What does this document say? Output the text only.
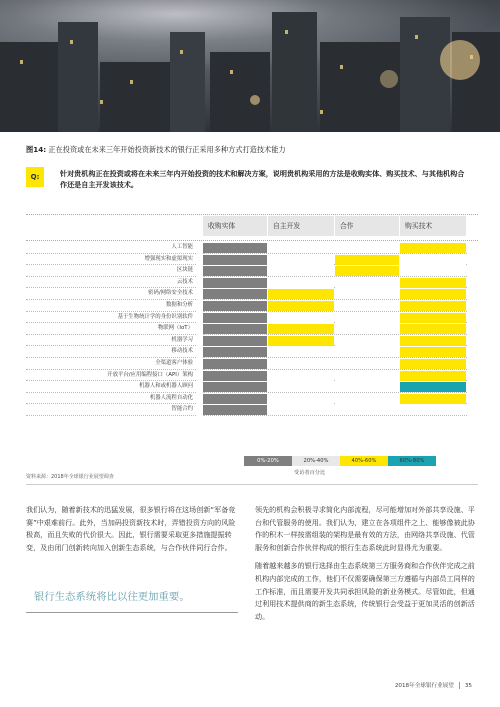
图14: 正在投资或在未来三年开始投资新技术的银行正采用多种方式打造技术能力
Q:	针对贵机构正在投资或将在未来三年内开始投资的技术和解决方案，说明贵机构采用的方法是收购实体、购买技术、与其他机构合作还是自主开发该技术。
收购实体	自主开发	合作	购买技术
人工智能
增强现实和虚拟现实
区块链
云技术
密码/网络安全技术
数据和分析
基于生物统计学的身份识别软件
物联网（IoT）
机器学习
移动技术
全渠道客户体验
开放平台/应用编程接口（API）架构
机器人和或机器人顾问
机器人流程自动化
智能合约
0%-20%	20%-40%	40%-60%	60%-80%
受访者百分比
资料来源：2018年全球银行业展望调查
我们认为，随着新技术的迅猛发展，很多银行将在这场创新“军备竞赛”中艰难前行。此外，当加码投资新技术时，弄错投资方向的风险极高，而且失败的代价很大。因此，银行需要采取更多措施提振转变，及由闭门创新转向加入创新生态系统，与合作伙伴同行合作。
银行生态系统将比以往更加重要。

领先的机构会积极寻求简化内部流程，尽可能增加对外部共享设施、平台和代管服务的使用。我们认为，建立在各项组件之上、能够像被此协作的积木一样按需组装的架构是最有效的方法，由网络共享设施、代管服务和创新合作伙伴构成的银行生态系统此时显得尤为重要。

随着越来越多的银行选择由生态系统第三方服务商和合作伙伴完成之前机构内部完成的工作，他们不仅需要确保第三方遵循与内部员工同样的工作标准，而且需要开发共同承担风险的新业务模式。尽管如此，但通过利用技术提供商的新生态系统，传统银行会受益于更加灵活的创新活动。

2018年全球银行业展望 35
